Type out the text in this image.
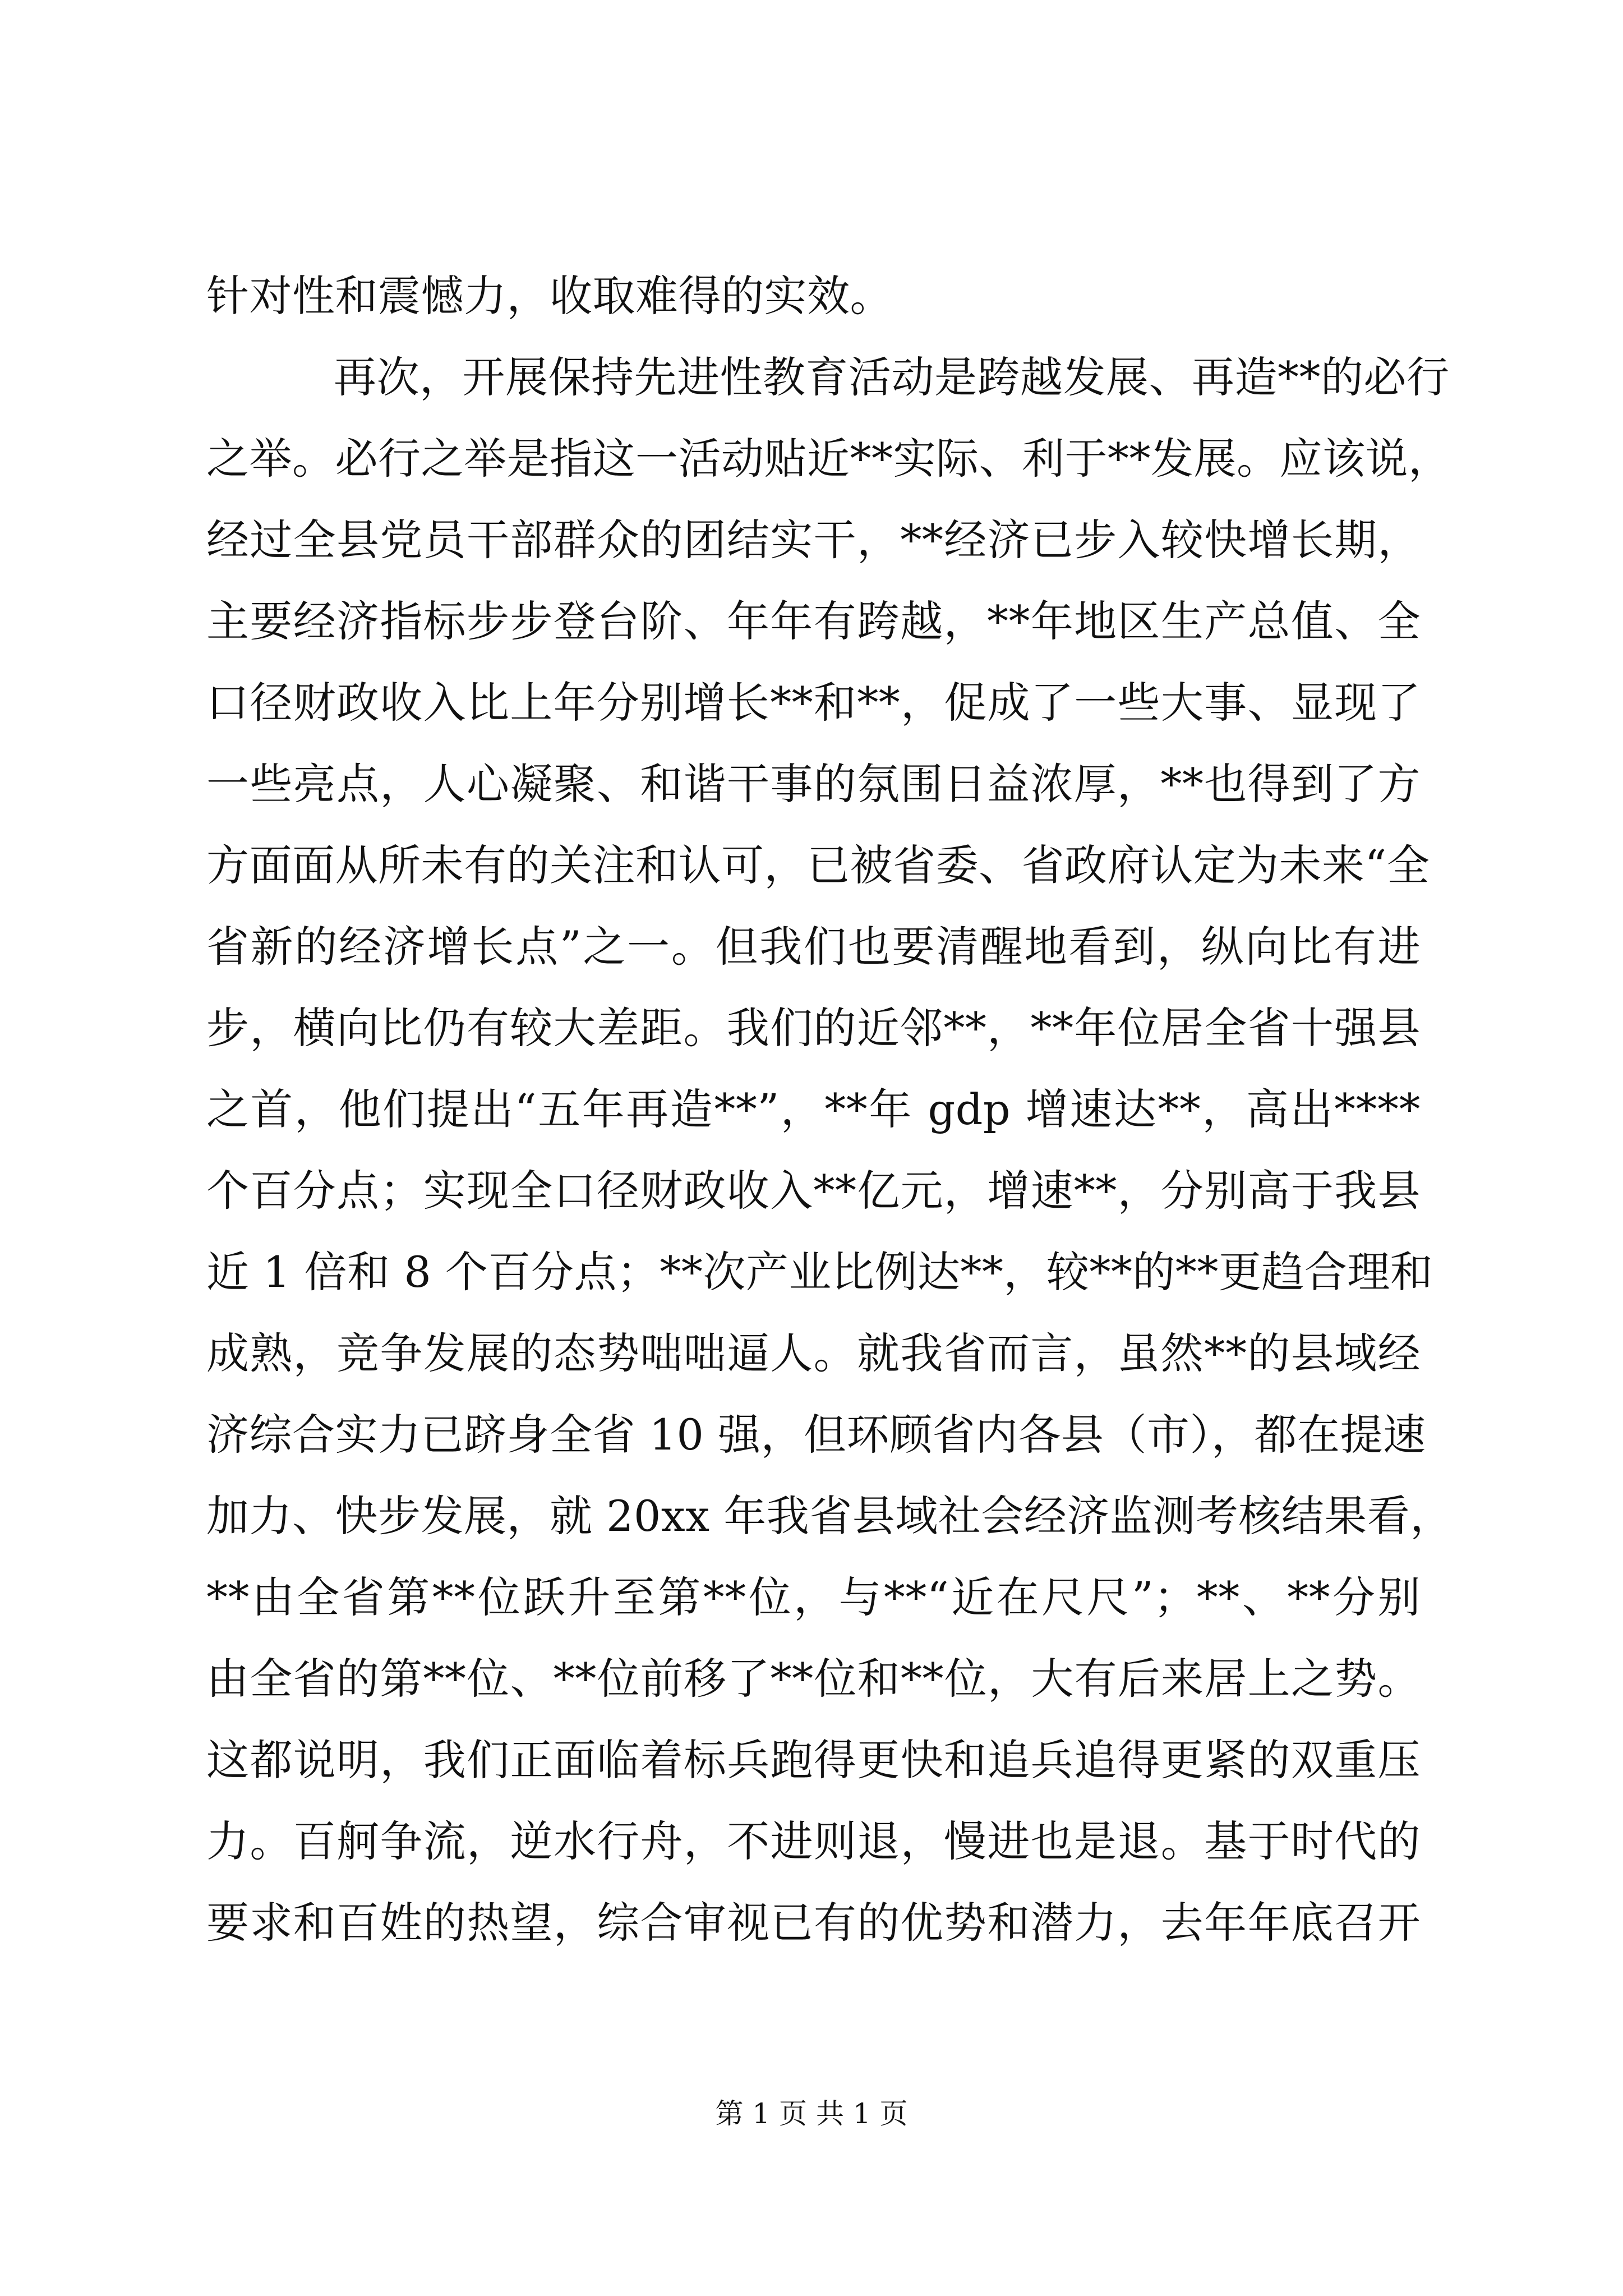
针对性和震憾力，收取难得的实效。
再次，开展保持先进性教育活动是跨越发展、再造**的必行
之举。必行之举是指这一活动贴近**实际、利于**发展。应该说，
经过全县党员干部群众的团结实干，**经济已步入较快增长期，
主要经济指标步步登台阶、年年有跨越，**年地区生产总值、全
口径财政收入比上年分别增长**和**，促成了一些大事、显现了
一些亮点，人心凝聚、和谐干事的氛围日益浓厚，**也得到了方
方面面从所未有的关注和认可，已被省委、省政府认定为未来“全
省新的经济增长点”之一。但我们也要清醒地看到，纵向比有进
步，横向比仍有较大差距。我们的近邻**，**年位居全省十强县
之首，他们提出“五年再造**”，**年 gdp 增速达**，高出****
个百分点；实现全口径财政收入**亿元，增速**，分别高于我县
近 1 倍和 8 个百分点；**次产业比例达**，较**的**更趋合理和
成熟，竞争发展的态势咄咄逼人。就我省而言，虽然**的县域经
济综合实力已跻身全省 10 强，但环顾省内各县（市），都在提速
加力、快步发展，就 20xx 年我省县域社会经济监测考核结果看，
**由全省第**位跃升至第**位，与**“近在尺尺”；**、**分别
由全省的第**位、**位前移了**位和**位，大有后来居上之势。
这都说明，我们正面临着标兵跑得更快和追兵追得更紧的双重压
力。百舸争流，逆水行舟，不进则退，慢进也是退。基于时代的
要求和百姓的热望，综合审视已有的优势和潜力，去年年底召开
第 1 页 共 1 页
